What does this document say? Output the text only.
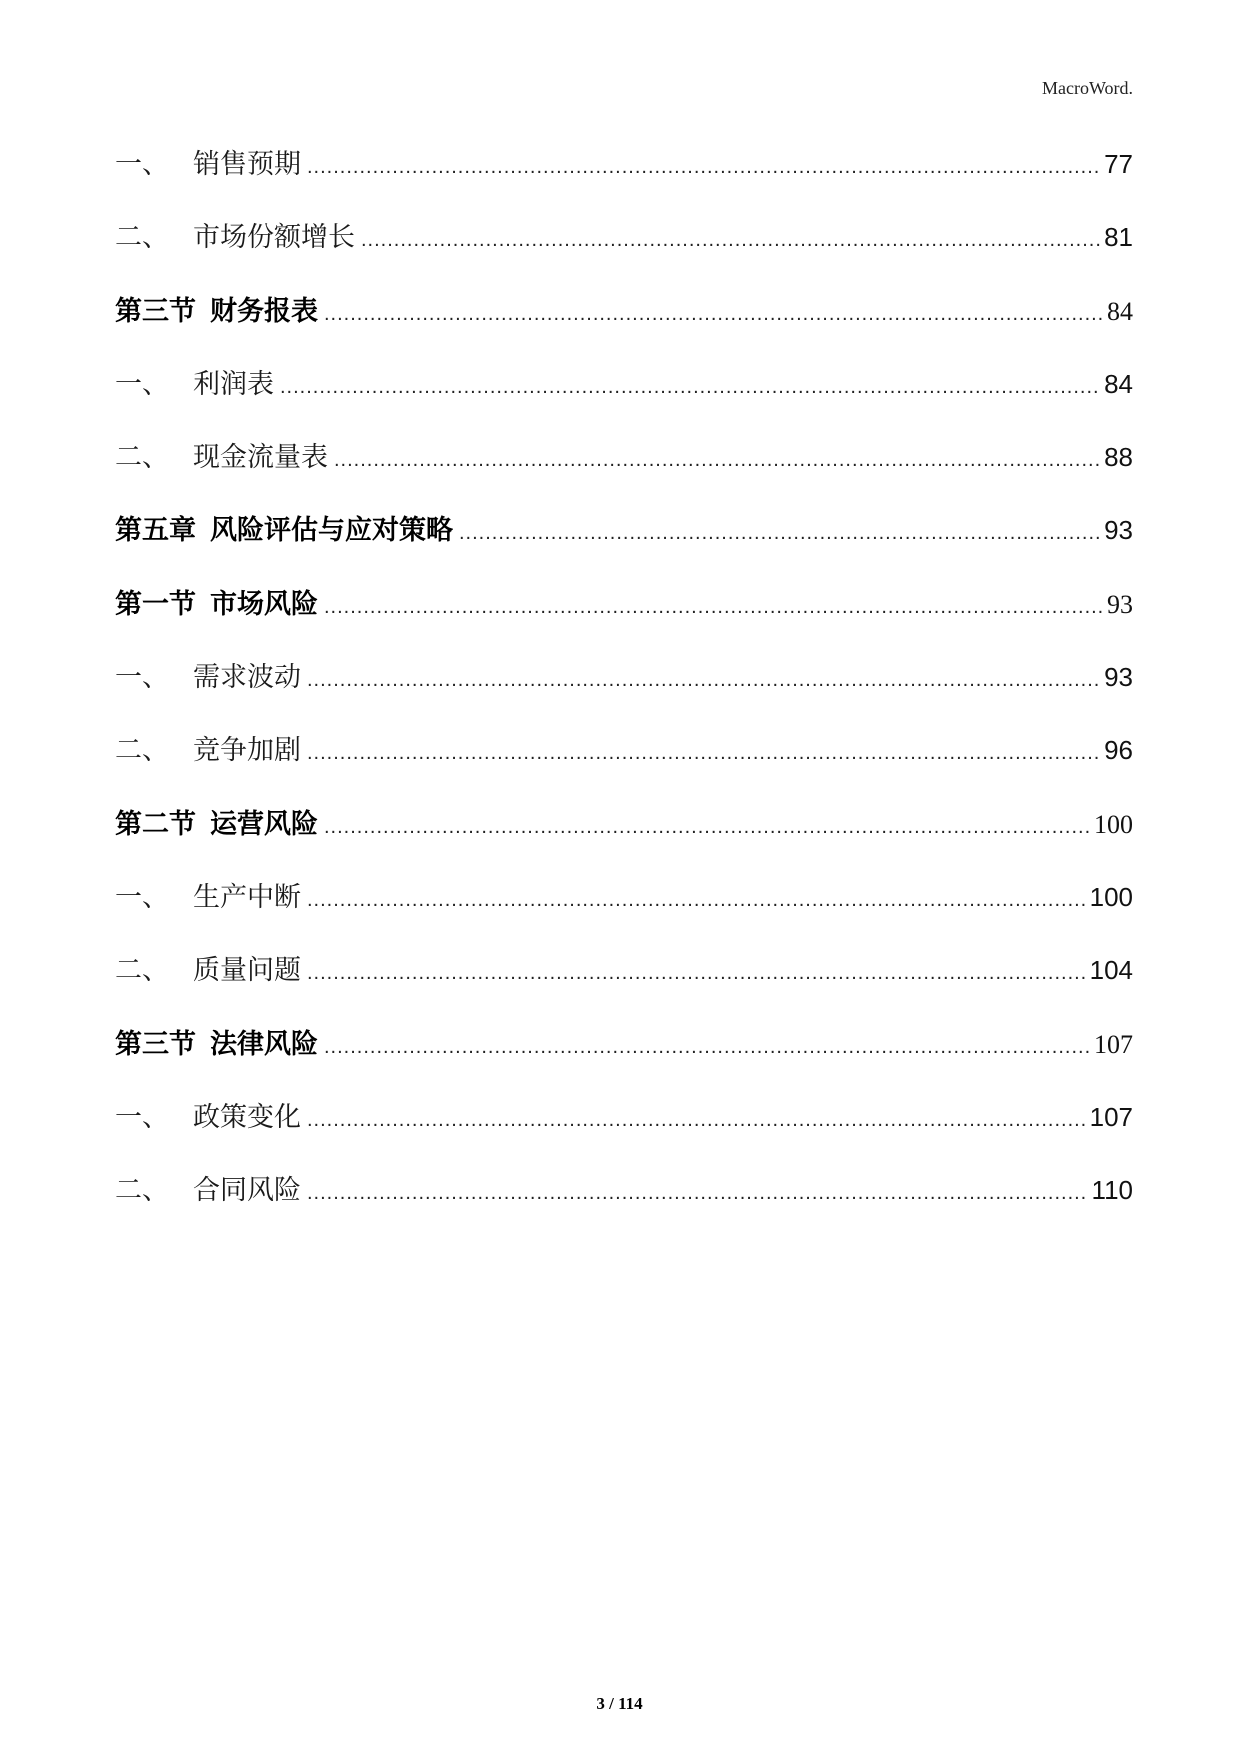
MacroWord.
一、 销售预期 .....	77
二、 市场份额增长 .....	81
第三节 财务报表 .....	84
一、 利润表 .....	84
二、 现金流量表 .....	88
第五章 风险评估与应对策略 .....	93
第一节 市场风险 .....	93
一、 需求波动 .....	93
二、 竞争加剧 .....	96
第二节 运营风险 .....	100
一、 生产中断 .....	100
二、 质量问题 .....	104
第三节 法律风险 .....	107
一、 政策变化 .....	107
二、 合同风险 .....	110
3 / 114
